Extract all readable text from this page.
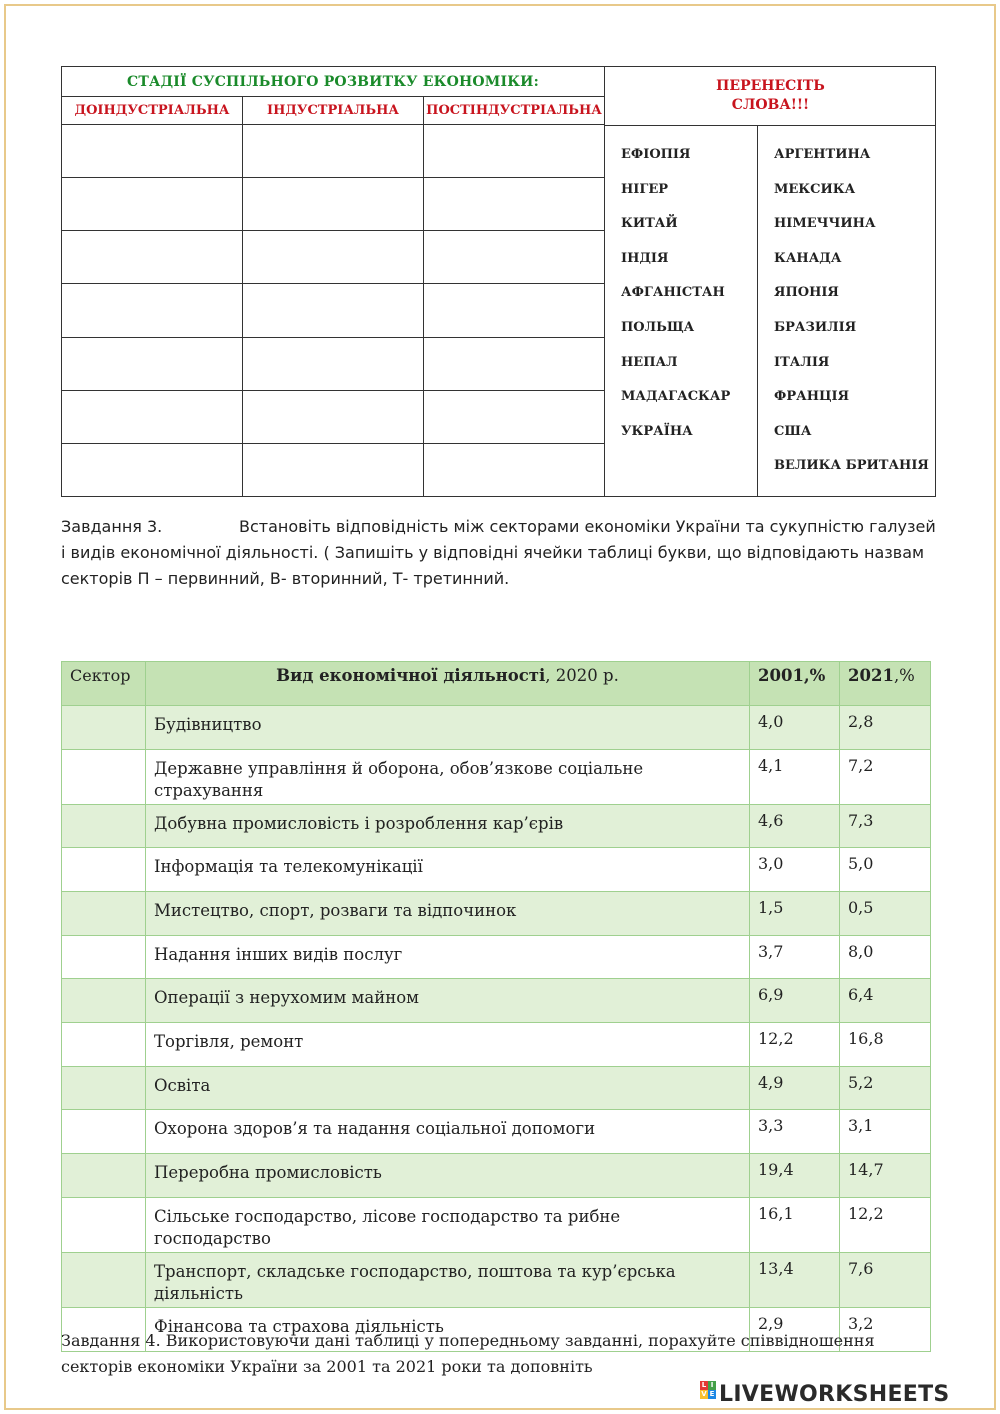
СТАДІЇ СУСПІЛЬНОГО РОЗВИТКУ ЕКОНОМІКИ:		
ДОІНДУСТРІАЛЬНА	ІНДУСТРІАЛЬНА	ПОСТІНДУСТРІАЛЬНА

ПЕРЕНЕСІТЬ
СЛОВА!!!
ЕФІОПІЯ
НІГЕР
КИТАЙ
ІНДІЯ
АФГАНІСТАН
ПОЛЬЩА
НЕПАЛ
МАДАГАСКАР
УКРАЇНА
АРГЕНТИНА
МЕКСИКА
НІМЕЧЧИНА
КАНАДА
ЯПОНІЯ
БРАЗИЛІЯ
ІТАЛІЯ
ФРАНЦІЯ
США
ВЕЛИКА БРИТАНІЯ
Завдання 3.	Встановіть відповідність між секторами економіки України та сукупністю галузей і видів економічної діяльності. ( Запишіть у відповідні ячейки таблиці букви, що відповідають назвам секторів П – первинний, В- вторинний, Т- третинний.
Сектор	Вид економічної діяльності, 2020 р.	2001,%	2021,%
	Будівництво	4,0	2,8
	Державне управління й оборона, обов’язкове соціальне страхування	4,1	7,2
	Добувна промисловість і розроблення кар’єрів	4,6	7,3
	Інформація та телекомунікації	3,0	5,0
	Мистецтво, спорт, розваги та відпочинок	1,5	0,5
	Надання інших видів послуг	3,7	8,0
	Операції з нерухомим майном	6,9	6,4
	Торгівля, ремонт	12,2	16,8
	Освіта	4,9	5,2
	Охорона здоров’я та надання соціальної допомоги	3,3	3,1
	Переробна промисловість	19,4	14,7
	Сільське господарство, лісове господарство та рибне господарство	16,1	12,2
	Транспорт, складське господарство, поштова та кур’єрська діяльність	13,4	7,6
	Фінансова та страхова діяльність	2,9	3,2
Завдання 4. Використовуючи дані таблиці у попередньому завданні, порахуйте співвідношення секторів економіки України за 2001 та 2021 роки та доповніть
L I
V E LIVEWORKSHEETS
